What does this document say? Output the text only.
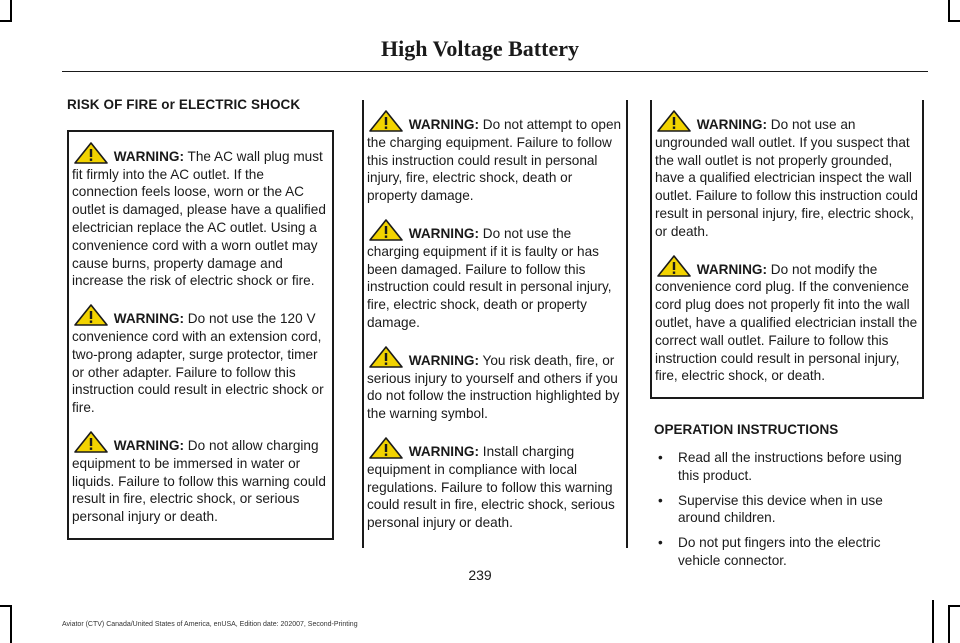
High Voltage Battery
RISK OF FIRE or ELECTRIC SHOCK

WARNING: The AC wall plug must fit firmly into the AC outlet. If the connection feels loose, worn or the AC outlet is damaged, please have a qualified electrician replace the AC outlet. Using a convenience cord with a worn outlet may cause burns, property damage and increase the risk of electric shock or fire.

WARNING: Do not use the 120 V convenience cord with an extension cord, two-prong adapter, surge protector, timer or other adapter. Failure to follow this instruction could result in electric shock or fire.

WARNING: Do not allow charging equipment to be immersed in water or liquids. Failure to follow this warning could result in fire, electric shock, or serious personal injury or death.

WARNING: Do not attempt to open the charging equipment. Failure to follow this instruction could result in personal injury, fire, electric shock, death or property damage.

WARNING: Do not use the charging equipment if it is faulty or has been damaged. Failure to follow this instruction could result in personal injury, fire, electric shock, death or property damage.

WARNING: You risk death, fire, or serious injury to yourself and others if you do not follow the instruction highlighted by the warning symbol.

WARNING: Install charging equipment in compliance with local regulations. Failure to follow this warning could result in fire, electric shock, serious personal injury or death.

WARNING: Do not use an ungrounded wall outlet. If you suspect that the wall outlet is not properly grounded, have a qualified electrician inspect the wall outlet. Failure to follow this instruction could result in personal injury, fire, electric shock, or death.

WARNING: Do not modify the convenience cord plug. If the convenience cord plug does not properly fit into the wall outlet, have a qualified electrician install the correct wall outlet. Failure to follow this instruction could result in personal injury, fire, electric shock, or death.

OPERATION INSTRUCTIONS
• Read all the instructions before using this product.
• Supervise this device when in use around children.
• Do not put fingers into the electric vehicle connector.
239
Aviator (CTV) Canada/United States of America, enUSA, Edition date: 202007, Second-Printing
